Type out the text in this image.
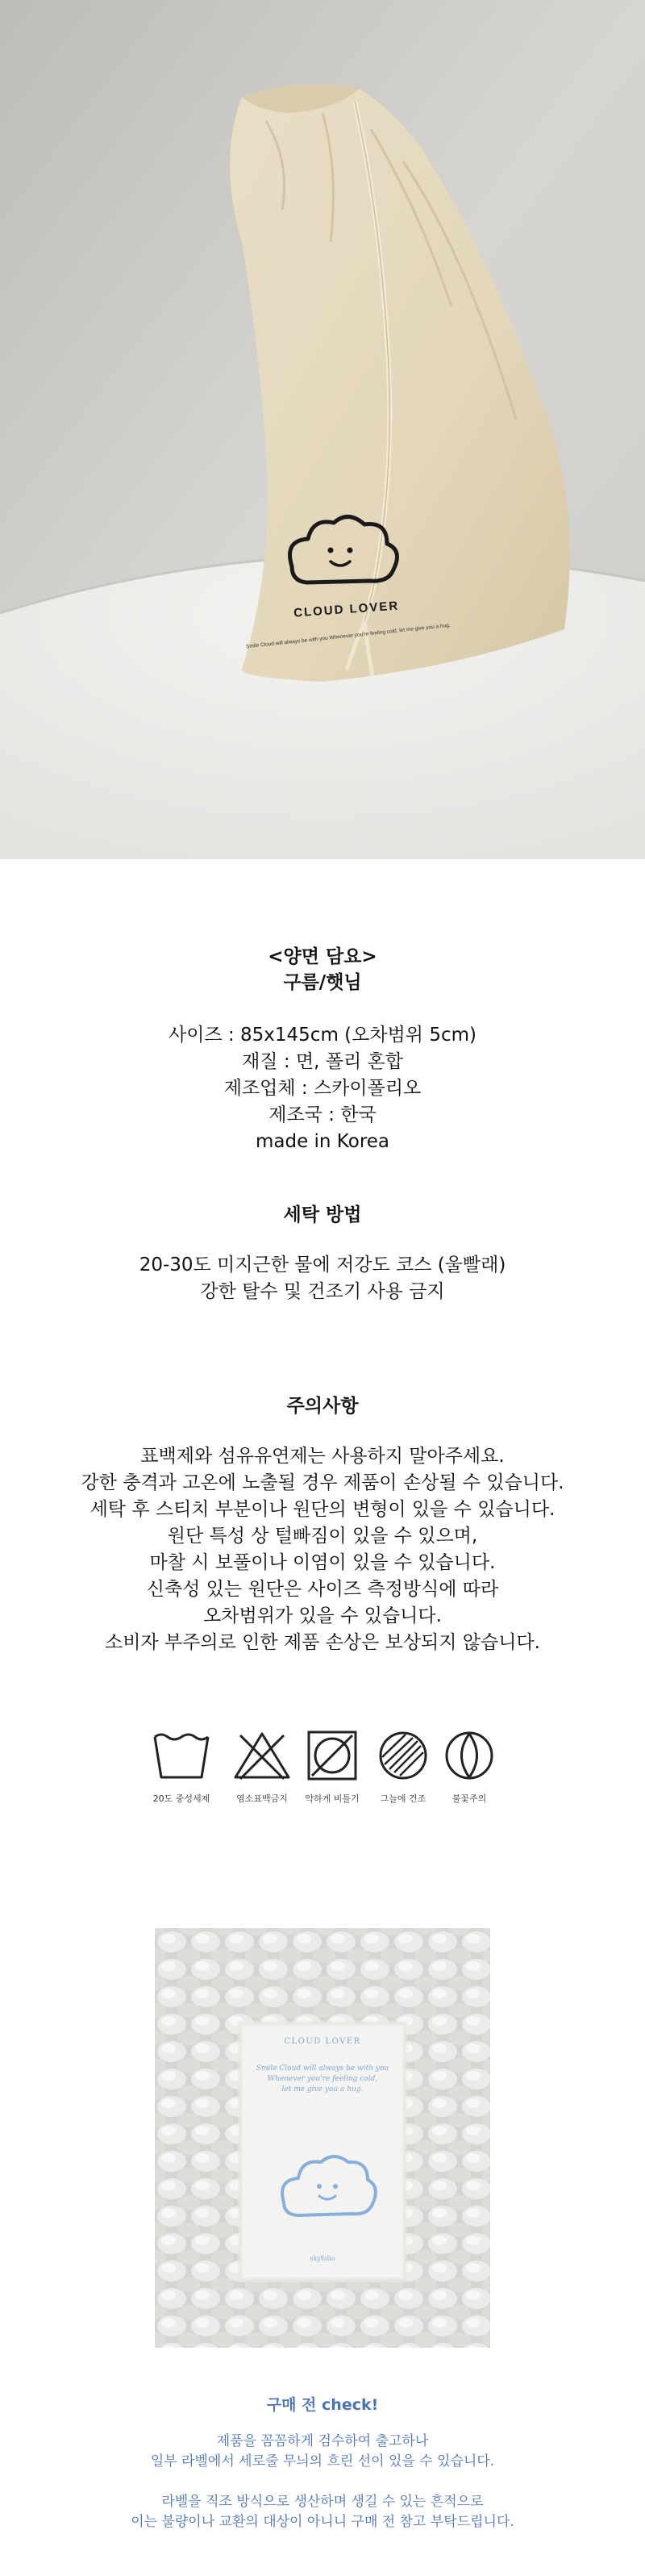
CLOUD LOVER
Smile Cloud will always be with you Whenever you're feeling cold, let me give you a hug.
<양면 담요>
구름/햇님
사이즈 : 85x145cm (오차범위 5cm)
재질 : 면, 폴리 혼합
제조업체 : 스카이폴리오
제조국 : 한국
made in Korea
세탁 방법
20-30도 미지근한 물에 저강도 코스 (울빨래)
강한 탈수 및 건조기 사용 금지
주의사항
표백제와 섬유유연제는 사용하지 말아주세요.
강한 충격과 고온에 노출될 경우 제품이 손상될 수 있습니다.
세탁 후 스티치 부분이나 원단의 변형이 있을 수 있습니다.
원단 특성 상 털빠짐이 있을 수 있으며,
마찰 시 보풀이나 이염이 있을 수 있습니다.
신축성 있는 원단은 사이즈 측정방식에 따라
오차범위가 있을 수 있습니다.
소비자 부주의로 인한 제품 손상은 보상되지 않습니다.
20도 중성세제	염소표백금지	약하게 비틀기	그늘에 건조	불꽃주의
CLOUD LOVER
Smile Cloud will always be with you
Whenever you're feeling cold,
let me give you a hug.
skyfolio
구매 전 check!
제품을 꼼꼼하게 검수하여 출고하나
일부 라벨에서 세로줄 무늬의 흐린 선이 있을 수 있습니다.
라벨을 직조 방식으로 생산하며 생길 수 있는 흔적으로
이는 불량이나 교환의 대상이 아니니 구매 전 참고 부탁드립니다.
